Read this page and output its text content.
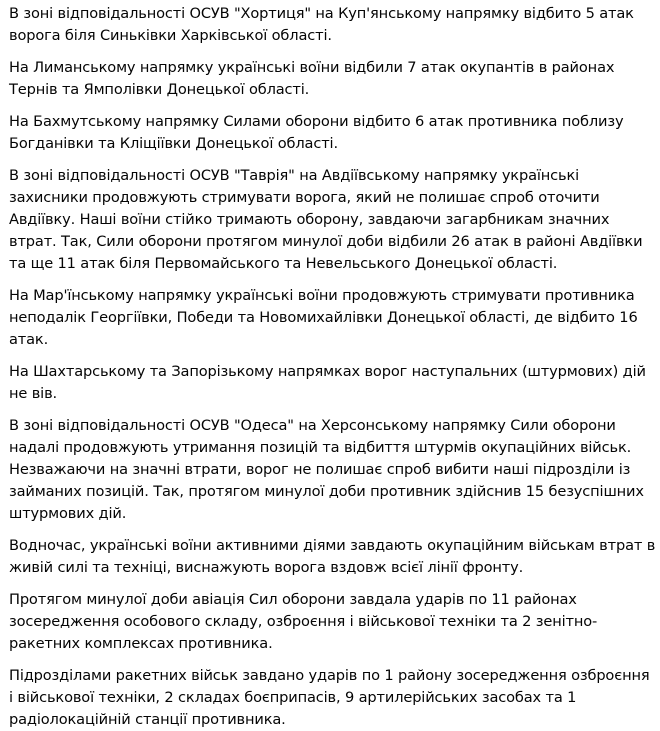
В зоні відповідальності ОСУВ "Хортиця" на Куп'янському напрямку відбито 5 атак ворога біля Синьківки Харківської області.

На Лиманському напрямку українські воїни відбили 7 атак окупантів в районах Тернів та Ямполівки Донецької області.

На Бахмутському напрямку Силами оборони відбито 6 атак противника поблизу Богданівки та Кліщіївки Донецької області.

В зоні відповідальності ОСУВ "Таврія" на Авдіївському напрямку українські захисники продовжують стримувати ворога, який не полишає спроб оточити Авдіївку. Наші воїни стійко тримають оборону, завдаючи загарбникам значних втрат. Так, Сили оборони протягом минулої доби відбили 26 атак в районі Авдіївки та ще 11 атак біля Первомайського та Невельського Донецької області.

На Мар'їнському напрямку українські воїни продовжують стримувати противника неподалік Георгіївки, Победи та Новомихайлівки Донецької області, де відбито 16 атак.

На Шахтарському та Запорізькому напрямках ворог наступальних (штурмових) дій не вів.

В зоні відповідальності ОСУВ "Одеса" на Херсонському напрямку Сили оборони надалі продовжують утримання позицій та відбиття штурмів окупаційних військ. Незважаючи на значні втрати, ворог не полишає спроб вибити наші підрозділи із займаних позицій. Так, протягом минулої доби противник здійснив 15 безуспішних штурмових дій.

Водночас, українські воїни активними діями завдають окупаційним військам втрат в живій силі та техніці, виснажують ворога вздовж всієї лінії фронту.

Протягом минулої доби авіація Сил оборони завдала ударів по 11 районах зосередження особового складу, озброєння і військової техніки та 2 зенітно-ракетних комплексах противника.

Підрозділами ракетних військ завдано ударів по 1 району зосередження озброєння і військової техніки, 2 складах боєприпасів, 9 артилерійських засобах та 1 радіолокаційній станції противника.
